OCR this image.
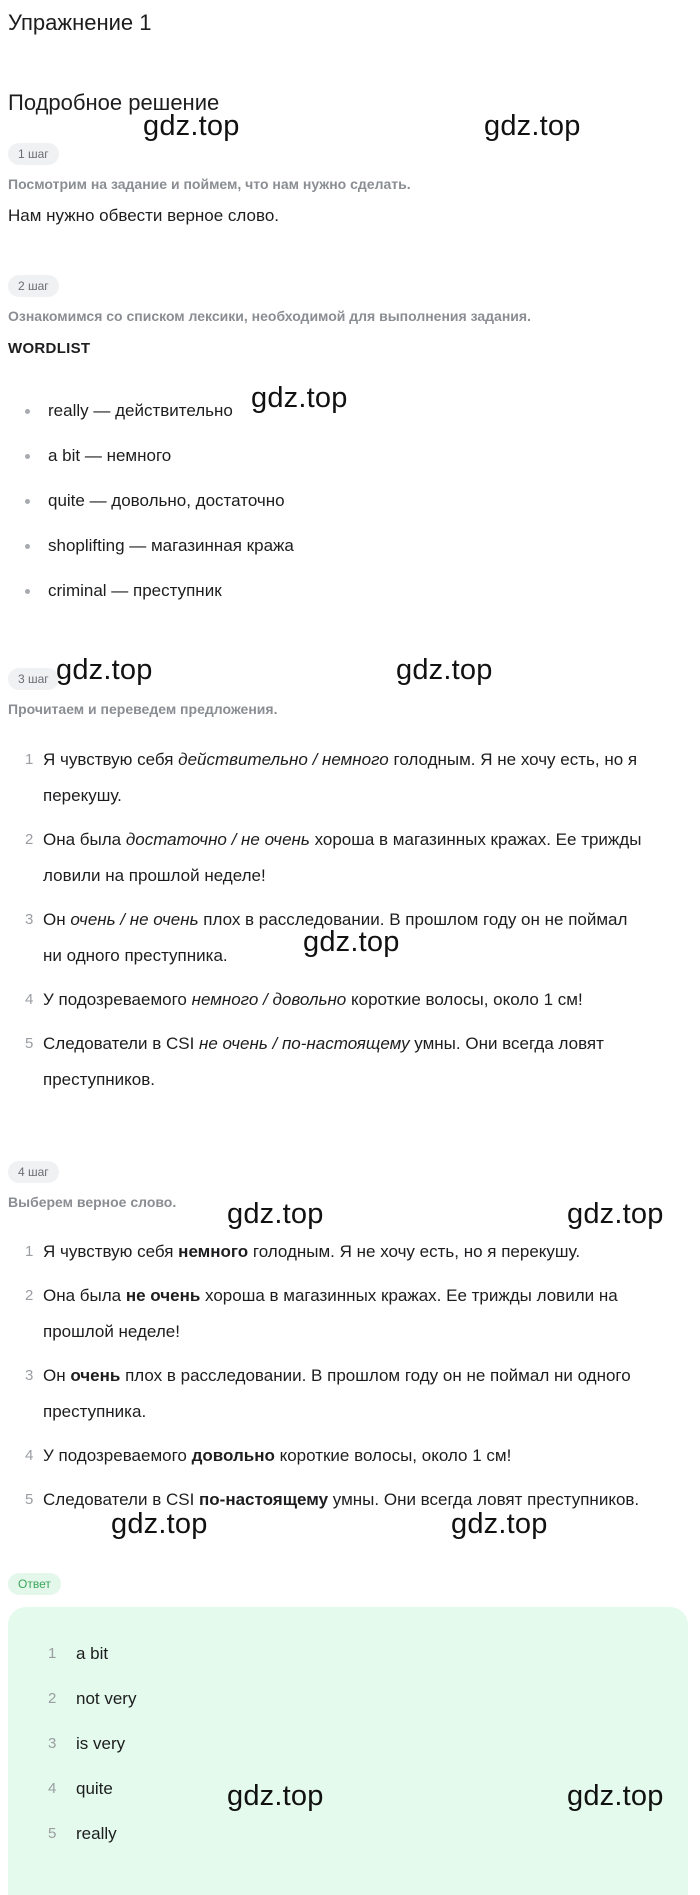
Упражнение 1
Подробное решение
1 шаг
Посмотрим на задание и поймем, что нам нужно сделать.
Нам нужно обвести верное слово.
2 шаг
Ознакомимся со списком лексики, необходимой для выполнения задания.
WORDLIST
really — действительно
a bit — немного
quite — довольно, достаточно
shoplifting — магазинная кража
criminal — преступник
3 шаг
Прочитаем и переведем предложения.
1 Я чувствую себя действительно / немного голодным. Я не хочу есть, но я
перекушу.
2 Она была достаточно / не очень хороша в магазинных кражах. Ее трижды
ловили на прошлой неделе!
3 Он очень / не очень плох в расследовании. В прошлом году он не поймал
ни одного преступника.
4 У подозреваемого немного / довольно короткие волосы, около 1 см!
5 Следователи в CSI не очень / по-настоящему умны. Они всегда ловят
преступников.
4 шаг
Выберем верное слово.
1 Я чувствую себя немного голодным. Я не хочу есть, но я перекушу.
2 Она была не очень хороша в магазинных кражах. Ее трижды ловили на
прошлой неделе!
3 Он очень плох в расследовании. В прошлом году он не поймал ни одного
преступника.
4 У подозреваемого довольно короткие волосы, около 1 см!
5 Следователи в CSI по-настоящему умны. Они всегда ловят преступников.
Ответ
1 a bit
2 not very
3 is very
4 quite
5 really
gdz.top	gdz.top
gdz.top
gdz.top	gdz.top
gdz.top
gdz.top	gdz.top
gdz.top	gdz.top
gdz.top	gdz.top
